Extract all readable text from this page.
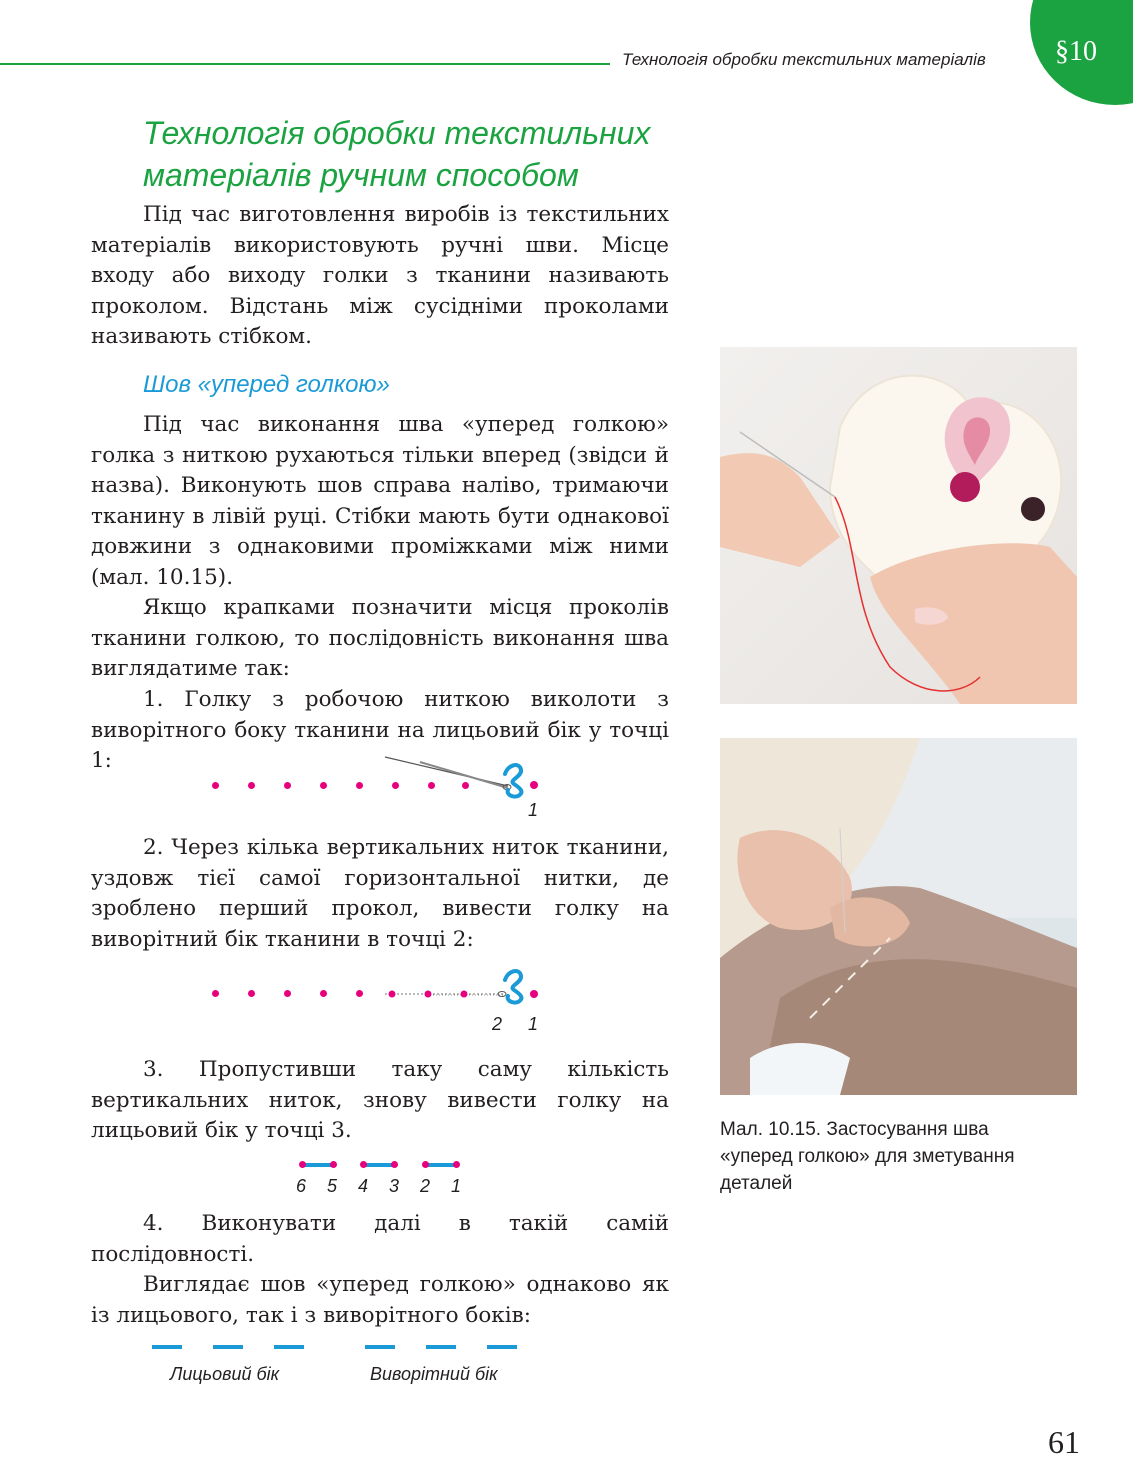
Технологія обробки текстильних матеріалів	§10
Технологія обробки текстильних матеріалів ручним способом

Під час виготовлення виробів із текстильних матеріалів використовують ручні шви. Місце входу або виходу голки з тканини називають проколом. Відстань між сусідніми проколами називають стібком.

Шов «уперед голкою»

Під час виконання шва «уперед голкою» голка з ниткою рухаються тільки вперед (звідси й назва). Виконують шов справа наліво, тримаючи тканину в лівій руці. Стібки мають бути однакової довжини з однаковими проміжками між ними (мал. 10.15).

Якщо крапками позначити місця проколів тканини голкою, то послідовність виконання шва виглядатиме так:

1. Голку з робочою ниткою виколоти з виворітного боку тканини на лицьовий бік у точці 1:

1

2. Через кілька вертикальних ниток тканини, уздовж тієї самої горизонтальної нитки, де зроблено перший прокол, вивести голку на виворітний бік тканини в точці 2:

2 1

3. Пропустивши таку саму кількість вертикальних ниток, знову вивести голку на лицьовий бік у точці 3.

6 5 4 3 2 1

4. Виконувати далі в такій самій послідовності.

Виглядає шов «уперед голкою» однаково як із лицьового, так і з виворітного боків:

Лицьовий бік	Виворітний бік
Мал. 10.15. Застосування шва «уперед голкою» для зметування деталей
61
